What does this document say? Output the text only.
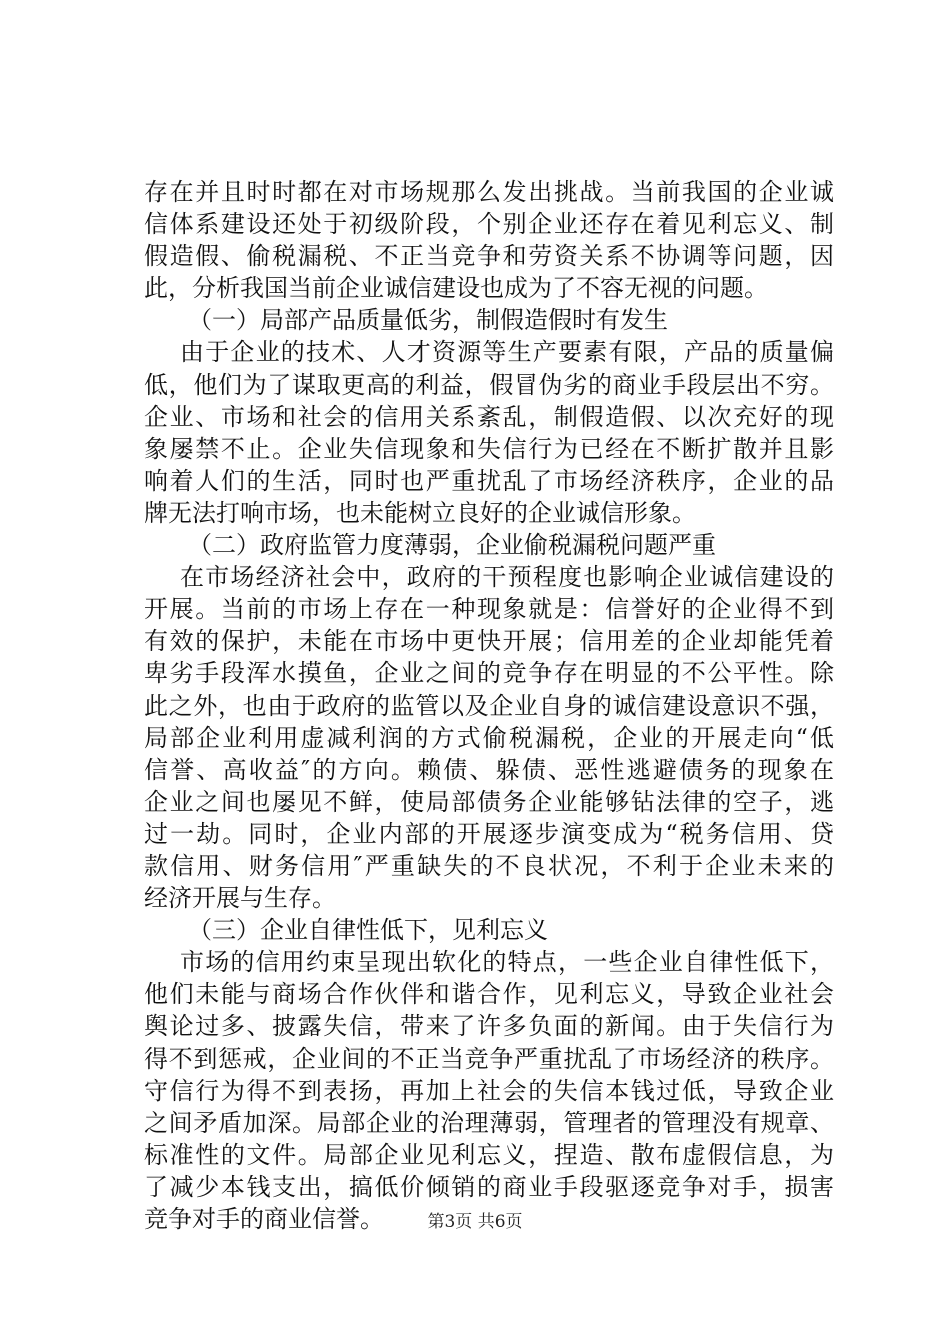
存在并且时时都在对市场规那么发出挑战。当前我国的企业诚
信体系建设还处于初级阶段，个别企业还存在着见利忘义、制
假造假、偷税漏税、不正当竞争和劳资关系不协调等问题，因
此，分析我国当前企业诚信建设也成为了不容无视的问题。
（一）局部产品质量低劣，制假造假时有发生
由于企业的技术、人才资源等生产要素有限，产品的质量偏
低，他们为了谋取更高的利益，假冒伪劣的商业手段层出不穷。
企业、市场和社会的信用关系紊乱，制假造假、以次充好的现
象屡禁不止。企业失信现象和失信行为已经在不断扩散并且影
响着人们的生活，同时也严重扰乱了市场经济秩序，企业的品
牌无法打响市场，也未能树立良好的企业诚信形象。
（二）政府监管力度薄弱，企业偷税漏税问题严重
在市场经济社会中，政府的干预程度也影响企业诚信建设的
开展。当前的市场上存在一种现象就是：信誉好的企业得不到
有效的保护，未能在市场中更快开展；信用差的企业却能凭着
卑劣手段浑水摸鱼，企业之间的竞争存在明显的不公平性。除
此之外，也由于政府的监管以及企业自身的诚信建设意识不强，
局部企业利用虚减利润的方式偷税漏税，企业的开展走向“低
信誉、高收益″的方向。赖债、躲债、恶性逃避债务的现象在
企业之间也屡见不鲜，使局部债务企业能够钻法律的空子，逃
过一劫。同时，企业内部的开展逐步演变成为“税务信用、贷
款信用、财务信用″严重缺失的不良状况，不利于企业未来的
经济开展与生存。
（三）企业自律性低下，见利忘义
市场的信用约束呈现出软化的特点，一些企业自律性低下，
他们未能与商场合作伙伴和谐合作，见利忘义，导致企业社会
舆论过多、披露失信，带来了许多负面的新闻。由于失信行为
得不到惩戒，企业间的不正当竞争严重扰乱了市场经济的秩序。
守信行为得不到表扬，再加上社会的失信本钱过低，导致企业
之间矛盾加深。局部企业的治理薄弱，管理者的管理没有规章、
标准性的文件。局部企业见利忘义，捏造、散布虚假信息，为
了减少本钱支出，搞低价倾销的商业手段驱逐竞争对手，损害
竞争对手的商业信誉。	第3页 共6页
